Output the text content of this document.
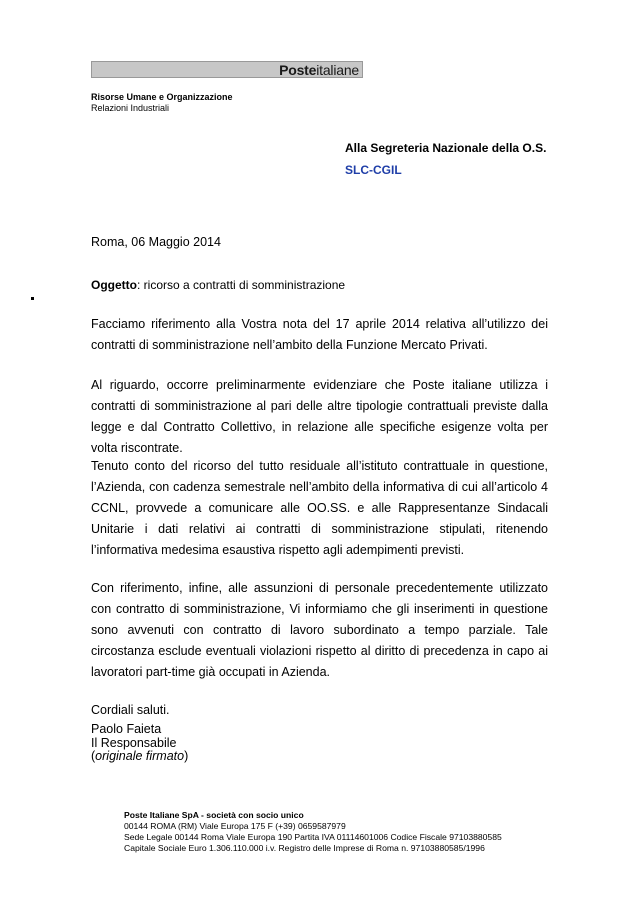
Posteitaliane
Risorse Umane e Organizzazione
Relazioni Industriali
Alla Segreteria Nazionale della O.S.
SLC-CGIL
Roma, 06 Maggio 2014
Oggetto: ricorso a contratti di somministrazione
Facciamo riferimento alla Vostra nota del 17 aprile 2014 relativa all’utilizzo dei contratti di somministrazione nell’ambito della Funzione Mercato Privati.
Al riguardo, occorre preliminarmente evidenziare che Poste italiane utilizza i contratti di somministrazione al pari delle altre tipologie contrattuali previste dalla legge e dal Contratto Collettivo, in relazione alle specifiche esigenze volta per volta riscontrate.
Tenuto conto del ricorso del tutto residuale all’istituto contrattuale in questione, l’Azienda, con cadenza semestrale nell’ambito della informativa di cui all’articolo 4 CCNL, provvede a comunicare alle OO.SS. e alle Rappresentanze Sindacali Unitarie i dati relativi ai contratti di somministrazione stipulati, ritenendo l’informativa medesima esaustiva rispetto agli adempimenti previsti.
Con riferimento, infine, alle assunzioni di personale precedentemente utilizzato con contratto di somministrazione, Vi informiamo che gli inserimenti in questione sono avvenuti con contratto di lavoro subordinato a tempo parziale. Tale circostanza esclude eventuali violazioni rispetto al diritto di precedenza in capo ai lavoratori part-time già occupati in Azienda.
Cordiali saluti.
Paolo Faieta
Il Responsabile
(originale firmato)
Poste Italiane SpA - società con socio unico
00144 ROMA (RM) Viale Europa 175 F (+39) 0659587979
Sede Legale 00144 Roma Viale Europa 190 Partita IVA 01114601006 Codice Fiscale 97103880585
Capitale Sociale Euro 1.306.110.000 i.v. Registro delle Imprese di Roma n. 97103880585/1996
